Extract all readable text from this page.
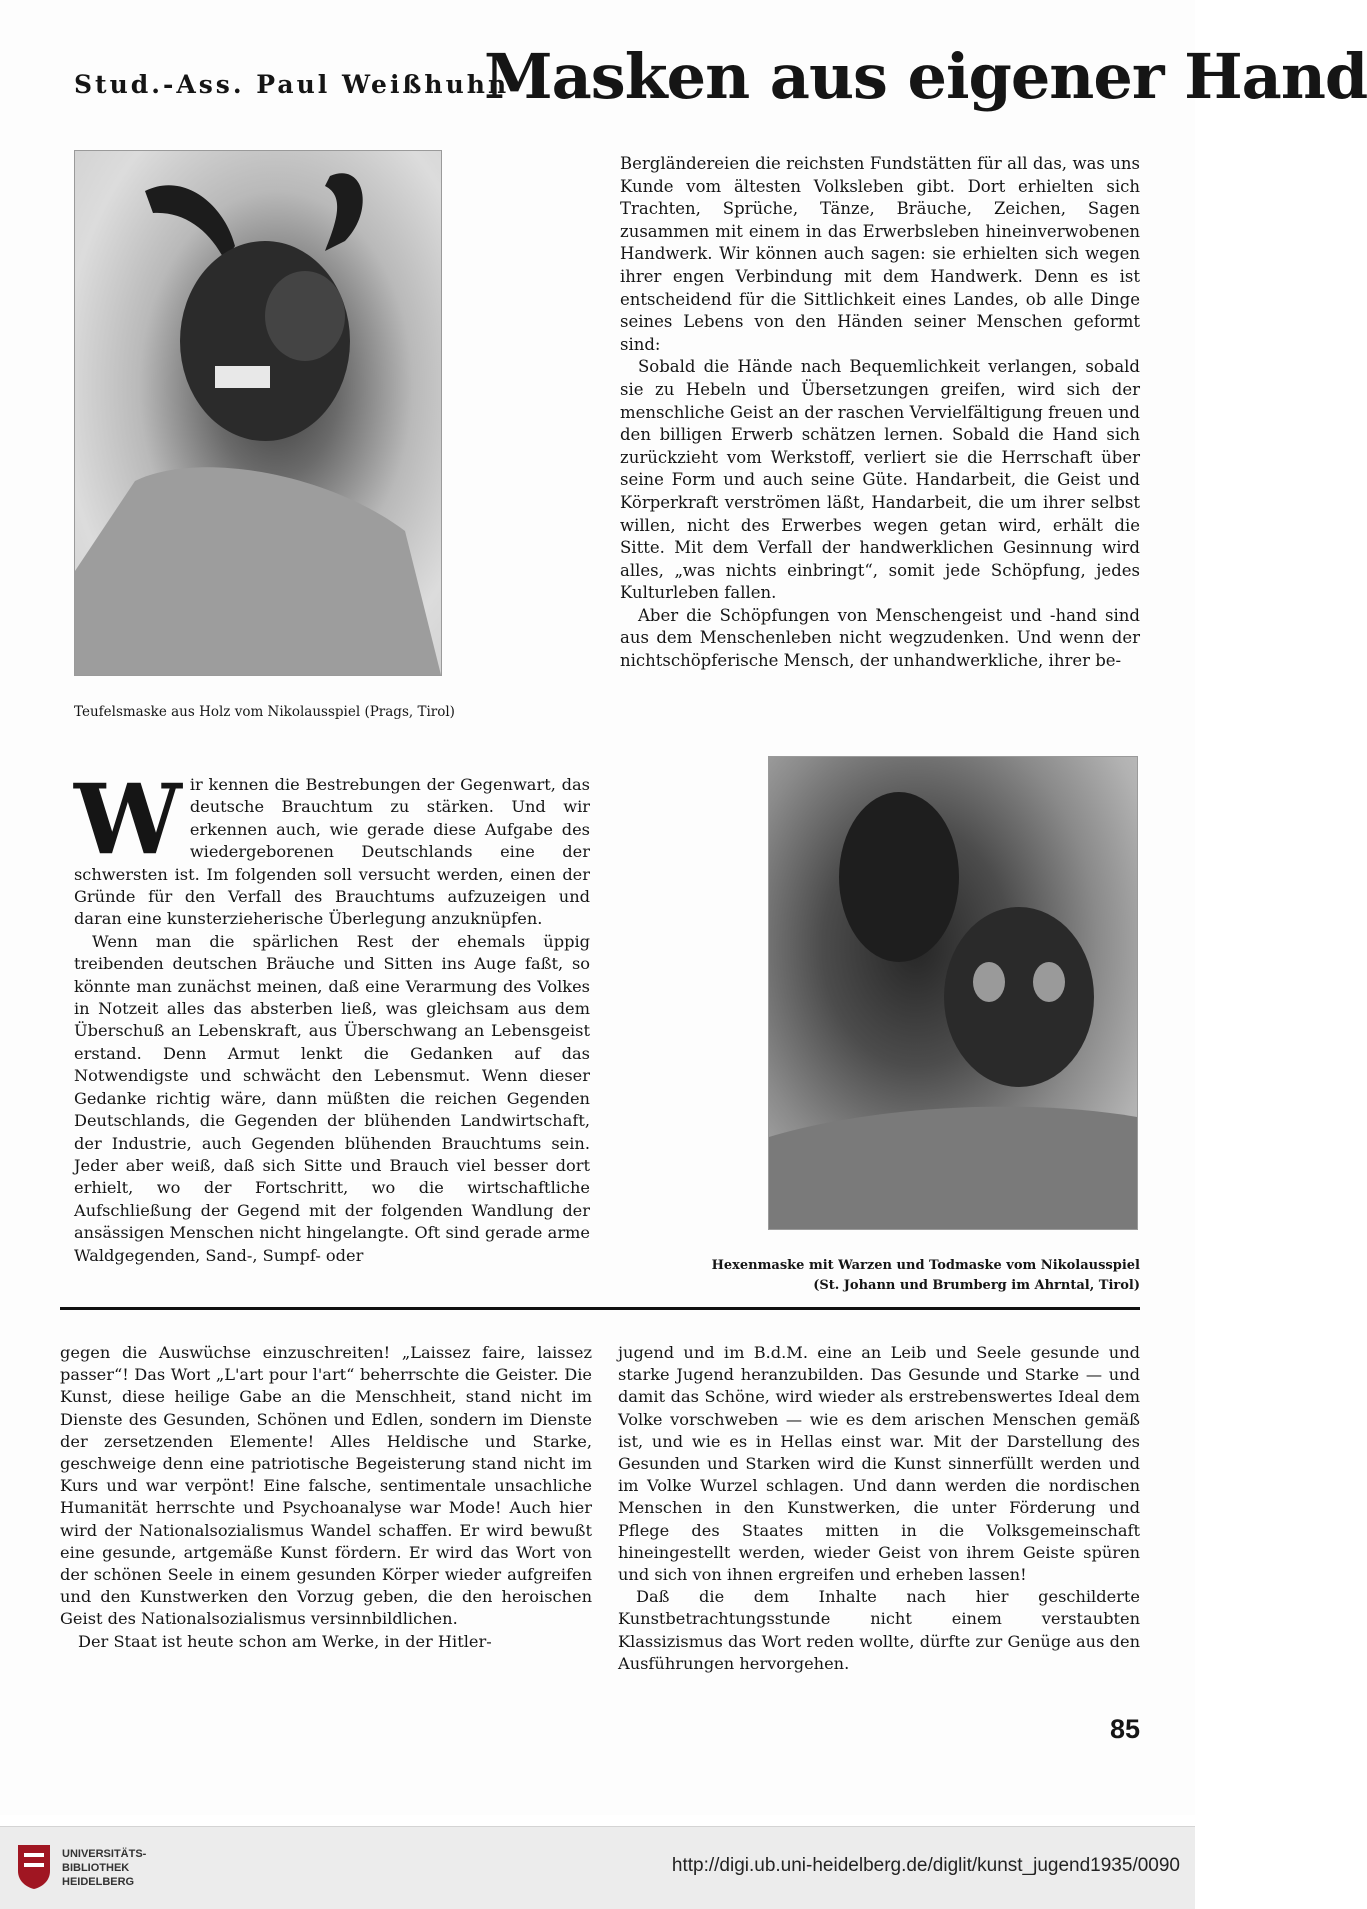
Stud.-Ass. Paul Weißhuhn
Masken aus eigener Hand
Teufelsmaske aus Holz vom Nikolausspiel (Prags, Tirol)

Bergländereien die reichsten Fundstätten für all das, was uns Kunde vom ältesten Volksleben gibt. Dort erhielten sich Trachten, Sprüche, Tänze, Bräuche, Zeichen, Sagen zusammen mit einem in das Erwerbsleben hineinverwobenen Handwerk. Wir können auch sagen: sie erhielten sich wegen ihrer engen Verbindung mit dem Handwerk. Denn es ist entscheidend für die Sittlichkeit eines Landes, ob alle Dinge seines Lebens von den Händen seiner Menschen geformt sind:

Sobald die Hände nach Bequemlichkeit verlangen, sobald sie zu Hebeln und Übersetzungen greifen, wird sich der menschliche Geist an der raschen Vervielfältigung freuen und den billigen Erwerb schätzen lernen. Sobald die Hand sich zurückzieht vom Werkstoff, verliert sie die Herrschaft über seine Form und auch seine Güte. Handarbeit, die Geist und Körperkraft verströmen läßt, Handarbeit, die um ihrer selbst willen, nicht des Erwerbes wegen getan wird, erhält die Sitte. Mit dem Verfall der handwerklichen Gesinnung wird alles, „was nichts einbringt“, somit jede Schöpfung, jedes Kulturleben fallen.

Aber die Schöpfungen von Menschengeist und -hand sind aus dem Menschenleben nicht wegzudenken. Und wenn der nichtschöpferische Mensch, der unhandwerkliche, ihrer be-

W ir kennen die Bestrebungen der Gegenwart, das deutsche Brauchtum zu stärken. Und wir erkennen auch, wie gerade diese Aufgabe des wiedergeborenen Deutschlands eine der schwersten ist. Im folgenden soll versucht werden, einen der Gründe für den Verfall des Brauchtums aufzuzeigen und daran eine kunsterzieherische Überlegung anzuknüpfen.

Wenn man die spärlichen Rest der ehemals üppig treibenden deutschen Bräuche und Sitten ins Auge faßt, so könnte man zunächst meinen, daß eine Verarmung des Volkes in Notzeit alles das absterben ließ, was gleichsam aus dem Überschuß an Lebenskraft, aus Überschwang an Lebensgeist erstand. Denn Armut lenkt die Gedanken auf das Notwendigste und schwächt den Lebensmut. Wenn dieser Gedanke richtig wäre, dann müßten die reichen Gegenden Deutschlands, die Gegenden der blühenden Landwirtschaft, der Industrie, auch Gegenden blühenden Brauchtums sein. Jeder aber weiß, daß sich Sitte und Brauch viel besser dort erhielt, wo der Fortschritt, wo die wirtschaftliche Aufschließung der Gegend mit der folgenden Wandlung der ansässigen Menschen nicht hingelangte. Oft sind gerade arme Waldgegenden, Sand-, Sumpf- oder

Hexenmaske mit Warzen und Todmaske vom Nikolausspiel
(St. Johann und Brumberg im Ahrntal, Tirol)

gegen die Auswüchse einzuschreiten! „Laissez faire, laissez passer“! Das Wort „L'art pour l'art“ beherrschte die Geister. Die Kunst, diese heilige Gabe an die Menschheit, stand nicht im Dienste des Gesunden, Schönen und Edlen, sondern im Dienste der zersetzenden Elemente! Alles Heldische und Starke, geschweige denn eine patriotische Begeisterung stand nicht im Kurs und war verpönt! Eine falsche, sentimentale unsachliche Humanität herrschte und Psychoanalyse war Mode! Auch hier wird der Nationalsozialismus Wandel schaffen. Er wird bewußt eine gesunde, artgemäße Kunst fördern. Er wird das Wort von der schönen Seele in einem gesunden Körper wieder aufgreifen und den Kunstwerken den Vorzug geben, die den heroischen Geist des Nationalsozialismus versinnbildlichen.

Der Staat ist heute schon am Werke, in der Hitler-

jugend und im B.d.M. eine an Leib und Seele gesunde und starke Jugend heranzubilden. Das Gesunde und Starke — und damit das Schöne, wird wieder als erstrebenswertes Ideal dem Volke vorschweben — wie es dem arischen Menschen gemäß ist, und wie es in Hellas einst war. Mit der Darstellung des Gesunden und Starken wird die Kunst sinnerfüllt werden und im Volke Wurzel schlagen. Und dann werden die nordischen Menschen in den Kunstwerken, die unter Förderung und Pflege des Staates mitten in die Volksgemeinschaft hineingestellt werden, wieder Geist von ihrem Geiste spüren und sich von ihnen ergreifen und erheben lassen!

Daß die dem Inhalte nach hier geschilderte Kunstbetrachtungsstunde nicht einem verstaubten Klassizismus das Wort reden wollte, dürfte zur Genüge aus den Ausführungen hervorgehen.

85
UNIVERSITÄTS-
BIBLIOTHEK
HEIDELBERG
http://digi.ub.uni-heidelberg.de/diglit/kunst_jugend1935/0090
